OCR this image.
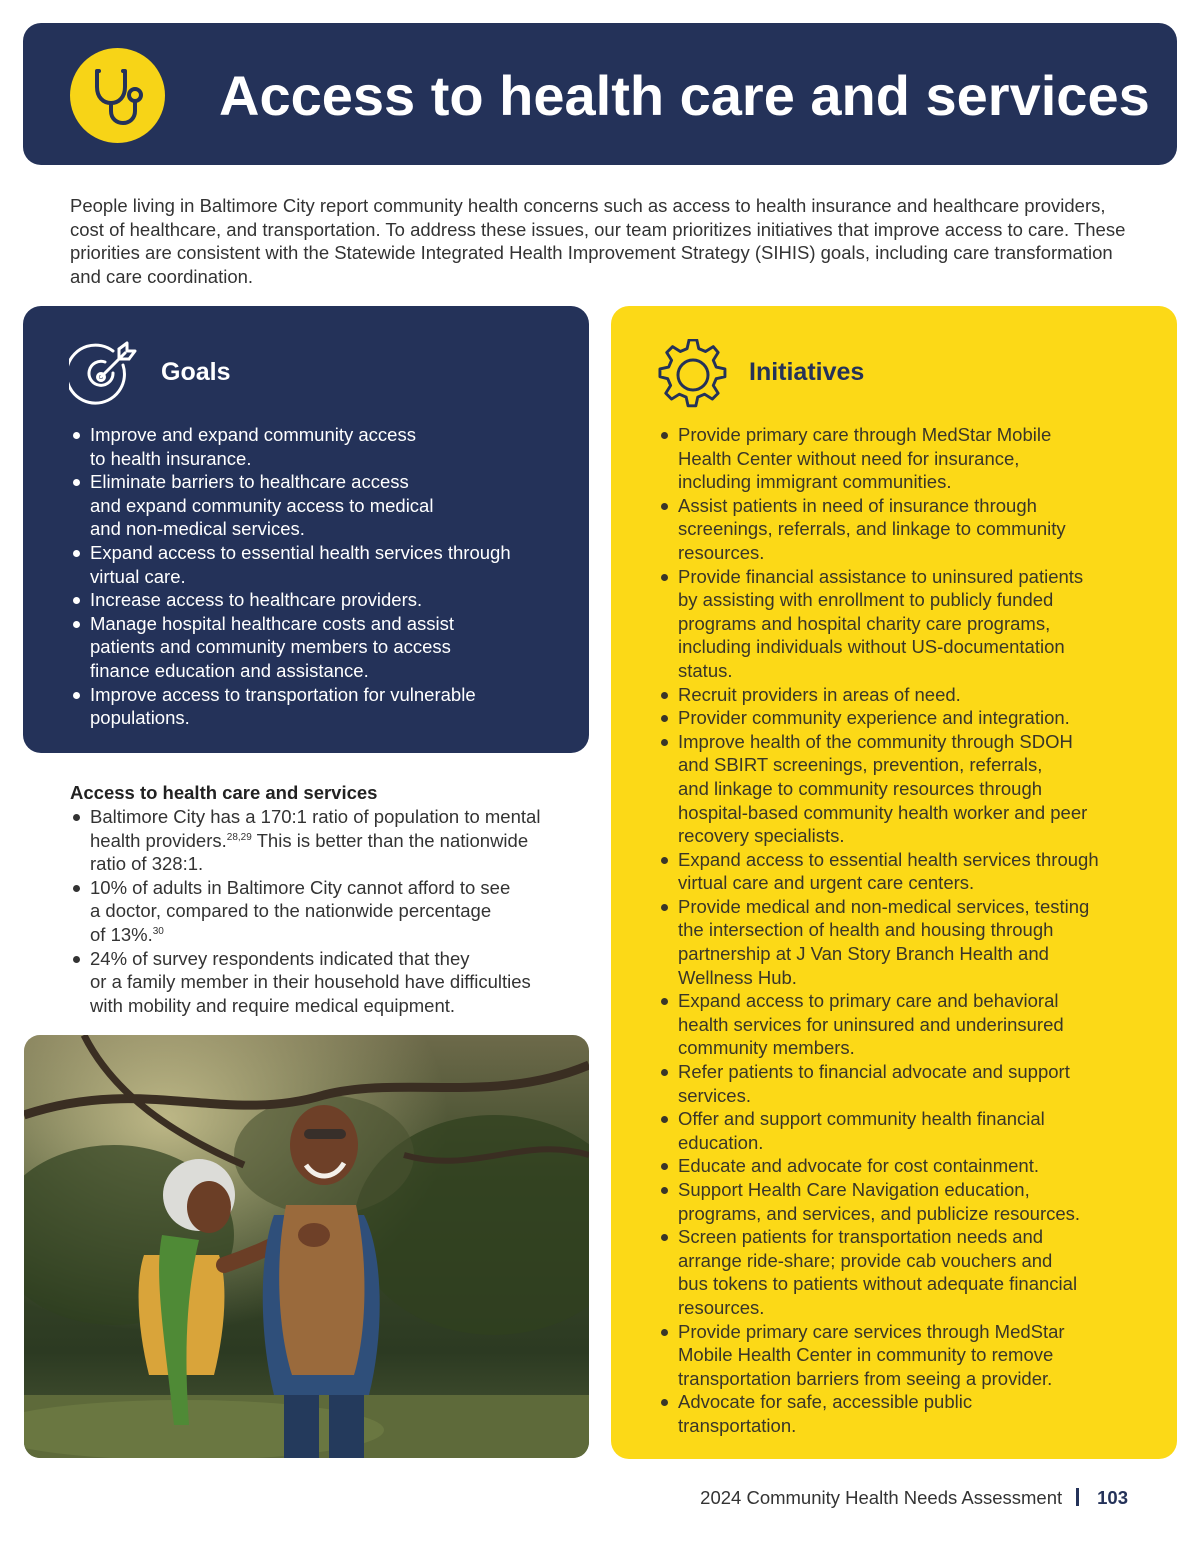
Access to health care and services

People living in Baltimore City report community health concerns such as access to health insurance and healthcare providers, cost of healthcare, and transportation. To address these issues, our team prioritizes initiatives that improve access to care. These priorities are consistent with the Statewide Integrated Health Improvement Strategy (SIHIS) goals, including care transformation and care coordination.

Goals
Improve and expand community access
to health insurance.
Eliminate barriers to healthcare access
and expand community access to medical
and non-medical services.
Expand access to essential health services through
virtual care.
Increase access to healthcare providers.
Manage hospital healthcare costs and assist
patients and community members to access
finance education and assistance.
Improve access to transportation for vulnerable
populations.
Access to health care and services
Baltimore City has a 170:1 ratio of population to mental
health providers.$^{28,29}$ This is better than the nationwide
ratio of 328:1.
10% of adults in Baltimore City cannot afford to see
a doctor, compared to the nationwide percentage
of 13%.$^{30}$
24% of survey respondents indicated that they
or a family member in their household have difficulties
with mobility and require medical equipment.
Initiatives
Provide primary care through MedStar Mobile
Health Center without need for insurance,
including immigrant communities.
Assist patients in need of insurance through
screenings, referrals, and linkage to community
resources.
Provide financial assistance to uninsured patients
by assisting with enrollment to publicly funded
programs and hospital charity care programs,
including individuals without US-documentation
status.
Recruit providers in areas of need.
Provider community experience and integration.
Improve health of the community through SDOH
and SBIRT screenings, prevention, referrals,
and linkage to community resources through
hospital-based community health worker and peer
recovery specialists.
Expand access to essential health services through
virtual care and urgent care centers.
Provide medical and non-medical services, testing
the intersection of health and housing through
partnership at J Van Story Branch Health and
Wellness Hub.
Expand access to primary care and behavioral
health services for uninsured and underinsured
community members.
Refer patients to financial advocate and support
services.
Offer and support community health financial
education.
Educate and advocate for cost containment.
Support Health Care Navigation education,
programs, and services, and publicize resources.
Screen patients for transportation needs and
arrange ride-share; provide cab vouchers and
bus tokens to patients without adequate financial
resources.
Provide primary care services through MedStar
Mobile Health Center in community to remove
transportation barriers from seeing a provider.
Advocate for safe, accessible public
transportation.
2024 Community Health Needs Assessment 103
